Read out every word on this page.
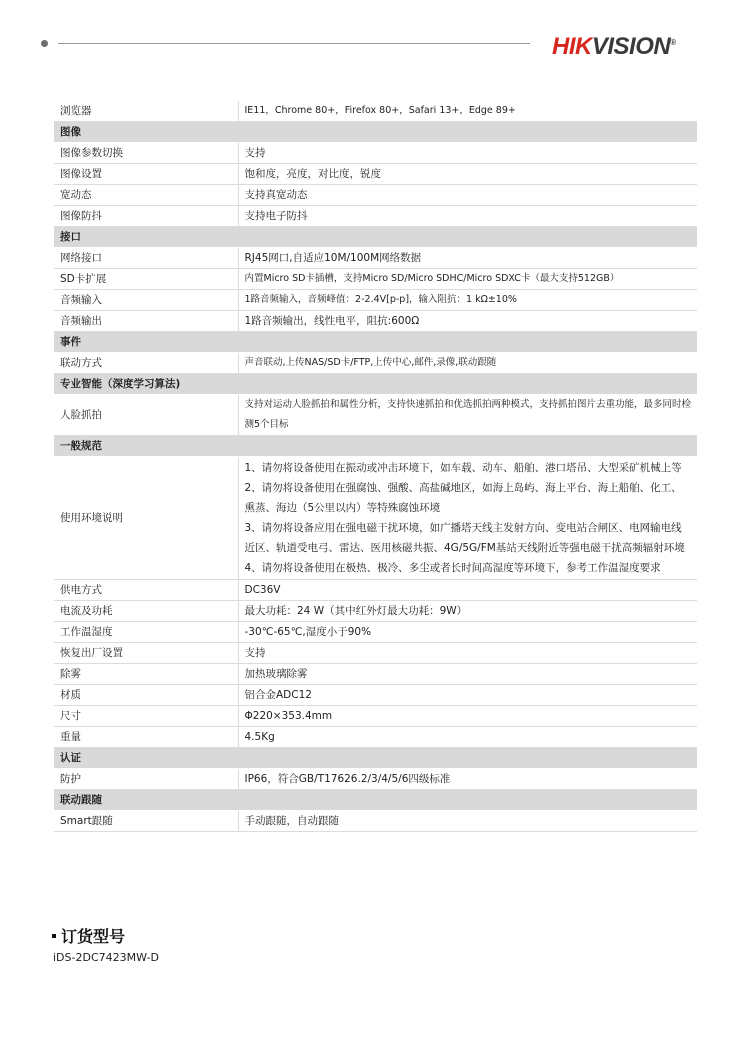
HIKVISION®
浏览器	IE11，Chrome 80+，Firefox 80+，Safari 13+，Edge 89+
图像	
图像参数切换	支持
图像设置	饱和度，亮度，对比度，锐度
宽动态	支持真宽动态
图像防抖	支持电子防抖
接口	
网络接口	RJ45网口,自适应10M/100M网络数据
SD卡扩展	内置Micro SD卡插槽，支持Micro SD/Micro SDHC/Micro SDXC卡（最大支持512GB）
音频输入	1路音频输入，音频峰值：2-2.4V[p-p]，输入阻抗：1 kΩ±10%
音频输出	1路音频输出，线性电平，阻抗:600Ω
事件	
联动方式	声音联动,上传NAS/SD卡/FTP,上传中心,邮件,录像,联动跟随
专业智能（深度学习算法)	
人脸抓拍	支持对运动人脸抓拍和属性分析，支持快速抓拍和优选抓拍两种模式，支持抓拍图片去重功能，最多同时检测5个目标
一般规范	
使用环境说明	1、请勿将设备使用在振动或冲击环境下，如车载、动车、船舶、港口塔吊、大型采矿机械上等
2、请勿将设备使用在强腐蚀、强酸、高盐碱地区，如海上岛屿、海上平台、海上船舶、化工、熏蒸、海边（5公里以内）等特殊腐蚀环境
3、请勿将设备应用在强电磁干扰环境，如广播塔天线主发射方向、变电站合闸区、电网输电线近区、轨道受电弓、雷达、医用核磁共振、4G/5G/FM基站天线附近等强电磁干扰高频辐射环境
4、请勿将设备使用在极热、极冷、多尘或者长时间高湿度等环境下，参考工作温湿度要求

供电方式	DC36V
电流及功耗	最大功耗：24 W（其中红外灯最大功耗：9W）
工作温湿度	-30℃-65℃,湿度小于90%
恢复出厂设置	支持
除雾	加热玻璃除雾
材质	铝合金ADC12
尺寸	Φ220×353.4mm
重量	4.5Kg
认证	
防护	IP66，符合GB/T17626.2/3/4/5/6四级标准
联动跟随	
Smart跟随	手动跟随，自动跟随
订货型号
iDS-2DC7423MW-D
